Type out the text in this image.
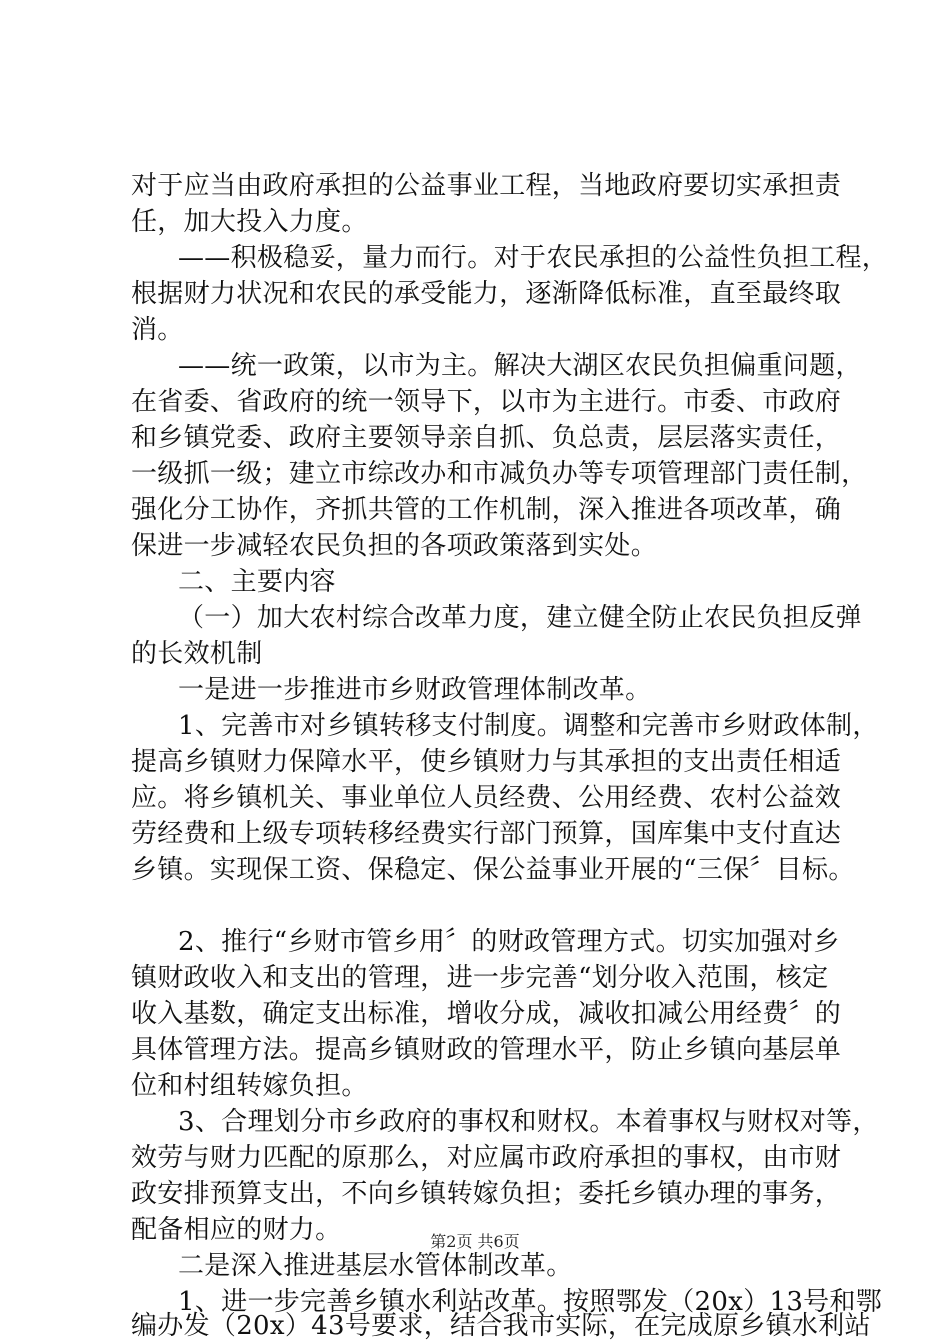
对于应当由政府承担的公益事业工程，当地政府要切实承担责
任，加大投入力度。
——积极稳妥，量力而行。对于农民承担的公益性负担工程，
根据财力状况和农民的承受能力，逐渐降低标准，直至最终取
消。
——统一政策，以市为主。解决大湖区农民负担偏重问题，
在省委、省政府的统一领导下，以市为主进行。市委、市政府
和乡镇党委、政府主要领导亲自抓、负总责，层层落实责任，
一级抓一级；建立市综改办和市减负办等专项管理部门责任制，
强化分工协作，齐抓共管的工作机制，深入推进各项改革，确
保进一步减轻农民负担的各项政策落到实处。
二、主要内容
（一）加大农村综合改革力度，建立健全防止农民负担反弹
的长效机制
一是进一步推进市乡财政管理体制改革。
1、完善市对乡镇转移支付制度。调整和完善市乡财政体制，
提高乡镇财力保障水平，使乡镇财力与其承担的支出责任相适
应。将乡镇机关、事业单位人员经费、公用经费、农村公益效
劳经费和上级专项转移经费实行部门预算，国库集中支付直达
乡镇。实现保工资、保稳定、保公益事业开展的“三保〞目标。
2、推行“乡财市管乡用〞的财政管理方式。切实加强对乡
镇财政收入和支出的管理，进一步完善“划分收入范围，核定
收入基数，确定支出标准，增收分成，减收扣减公用经费〞的
具体管理方法。提高乡镇财政的管理水平，防止乡镇向基层单
位和村组转嫁负担。
3、合理划分市乡政府的事权和财权。本着事权与财权对等，
效劳与财力匹配的原那么，对应属市政府承担的事权，由市财
政安排预算支出，不向乡镇转嫁负担；委托乡镇办理的事务，
配备相应的财力。
二是深入推进基层水管体制改革。
1、进一步完善乡镇水利站改革。按照鄂发（20x）13号和鄂
编办发（20x）43号要求，结合我市实际，在完成原乡镇水利站
第2页 共6页
